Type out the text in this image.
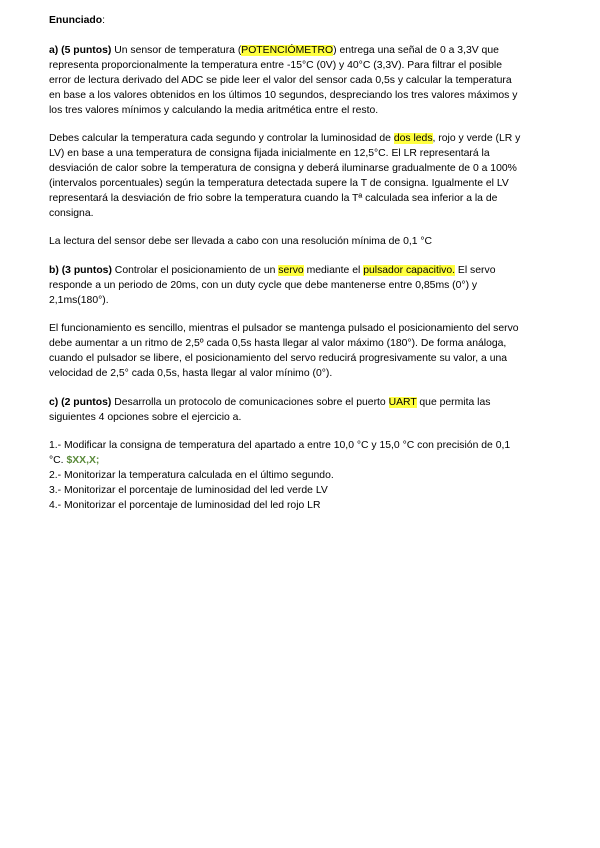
Enunciado:
a) (5 puntos) Un sensor de temperatura (POTENCIÓMETRO) entrega una señal de 0 a 3,3V que
representa proporcionalmente la temperatura entre -15°C (0V) y 40°C (3,3V). Para filtrar el posible
error de lectura derivado del ADC se pide leer el valor del sensor cada 0,5s y calcular la temperatura
en base a los valores obtenidos en los últimos 10 segundos, despreciando los tres valores máximos y
los tres valores mínimos y calculando la media aritmética entre el resto.
Debes calcular la temperatura cada segundo y controlar la luminosidad de dos leds, rojo y verde (LR y
LV) en base a una temperatura de consigna fijada inicialmente en 12,5°C. El LR representará la
desviación de calor sobre la temperatura de consigna y deberá iluminarse gradualmente de 0 a 100%
(intervalos porcentuales) según la temperatura detectada supere la T de consigna. Igualmente el LV
representará la desviación de frio sobre la temperatura cuando la Tª calculada sea inferior a la de
consigna.
La lectura del sensor debe ser llevada a cabo con una resolución mínima de 0,1 °C
b) (3 puntos) Controlar el posicionamiento de un servo mediante el pulsador capacitivo. El servo
responde a un periodo de 20ms, con un duty cycle que debe mantenerse entre 0,85ms (0°) y
2,1ms(180°).
El funcionamiento es sencillo, mientras el pulsador se mantenga pulsado el posicionamiento del servo
debe aumentar a un ritmo de 2,5º cada 0,5s hasta llegar al valor máximo (180°). De forma análoga,
cuando el pulsador se libere, el posicionamiento del servo reducirá progresivamente su valor, a una
velocidad de 2,5° cada 0,5s, hasta llegar al valor mínimo (0°).
c) (2 puntos) Desarrolla un protocolo de comunicaciones sobre el puerto UART que permita las
siguientes 4 opciones sobre el ejercicio a.
1.- Modificar la consigna de temperatura del apartado a entre 10,0 °C y 15,0 °C con precisión de 0,1
°C. $XX,X;
2.- Monitorizar la temperatura calculada en el último segundo.
3.- Monitorizar el porcentaje de luminosidad del led verde LV
4.- Monitorizar el porcentaje de luminosidad del led rojo LR
